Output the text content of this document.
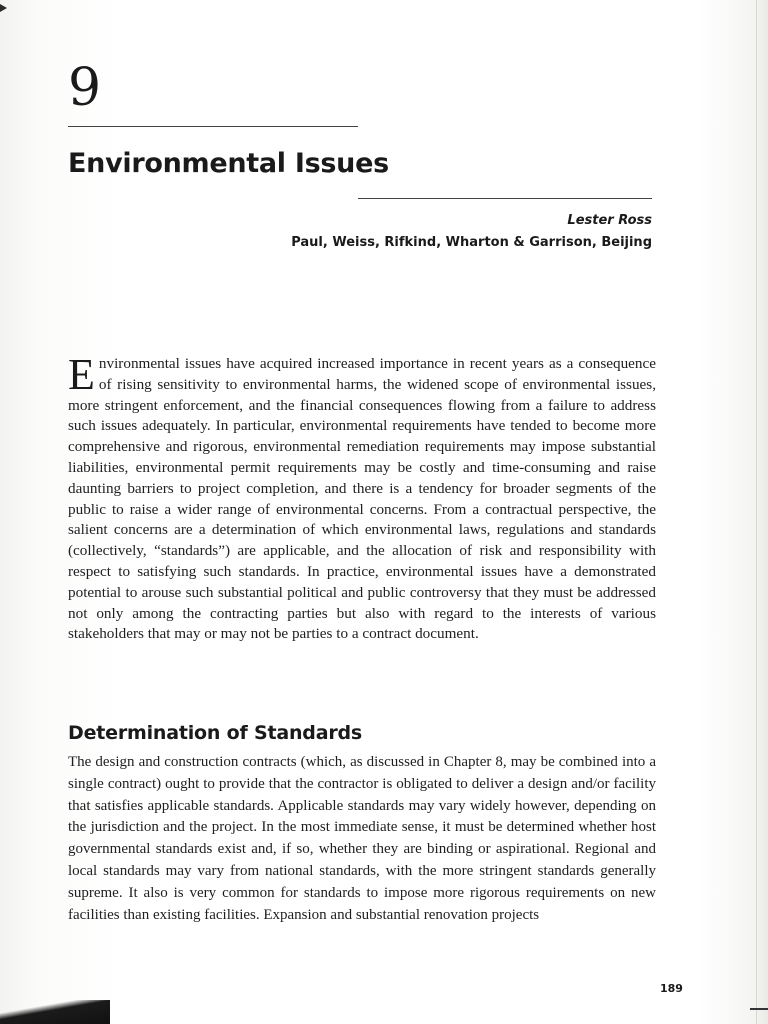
9
Environmental Issues
Lester Ross
Paul, Weiss, Rifkind, Wharton & Garrison, Beijing
Environmental issues have acquired increased importance in recent years as a consequence of rising sensitivity to environmental harms, the widened scope of environmental issues, more stringent enforcement, and the financial consequences flowing from a failure to address such issues adequately. In particular, environmental requirements have tended to become more comprehensive and rigorous, environmental remediation requirements may impose substantial liabilities, environmental permit requirements may be costly and time-consuming and raise daunting barriers to project completion, and there is a tendency for broader segments of the public to raise a wider range of environmental concerns. From a contractual perspective, the salient concerns are a determination of which environmental laws, regulations and standards (collectively, “standards”) are applicable, and the allocation of risk and responsibility with respect to satisfying such standards. In practice, environmental issues have a demonstrated potential to arouse such substantial political and public controversy that they must be addressed not only among the contracting parties but also with regard to the interests of various stakeholders that may or may not be parties to a contract document.
Determination of Standards
The design and construction contracts (which, as discussed in Chapter 8, may be combined into a single contract) ought to provide that the contractor is obligated to deliver a design and/or facility that satisfies applicable standards. Applicable standards may vary widely however, depending on the jurisdiction and the project. In the most immediate sense, it must be determined whether host governmental standards exist and, if so, whether they are binding or aspirational. Regional and local standards may vary from national standards, with the more stringent standards generally supreme. It also is very common for standards to impose more rigorous requirements on new facilities than existing facilities. Expansion and substantial renovation projects
189
